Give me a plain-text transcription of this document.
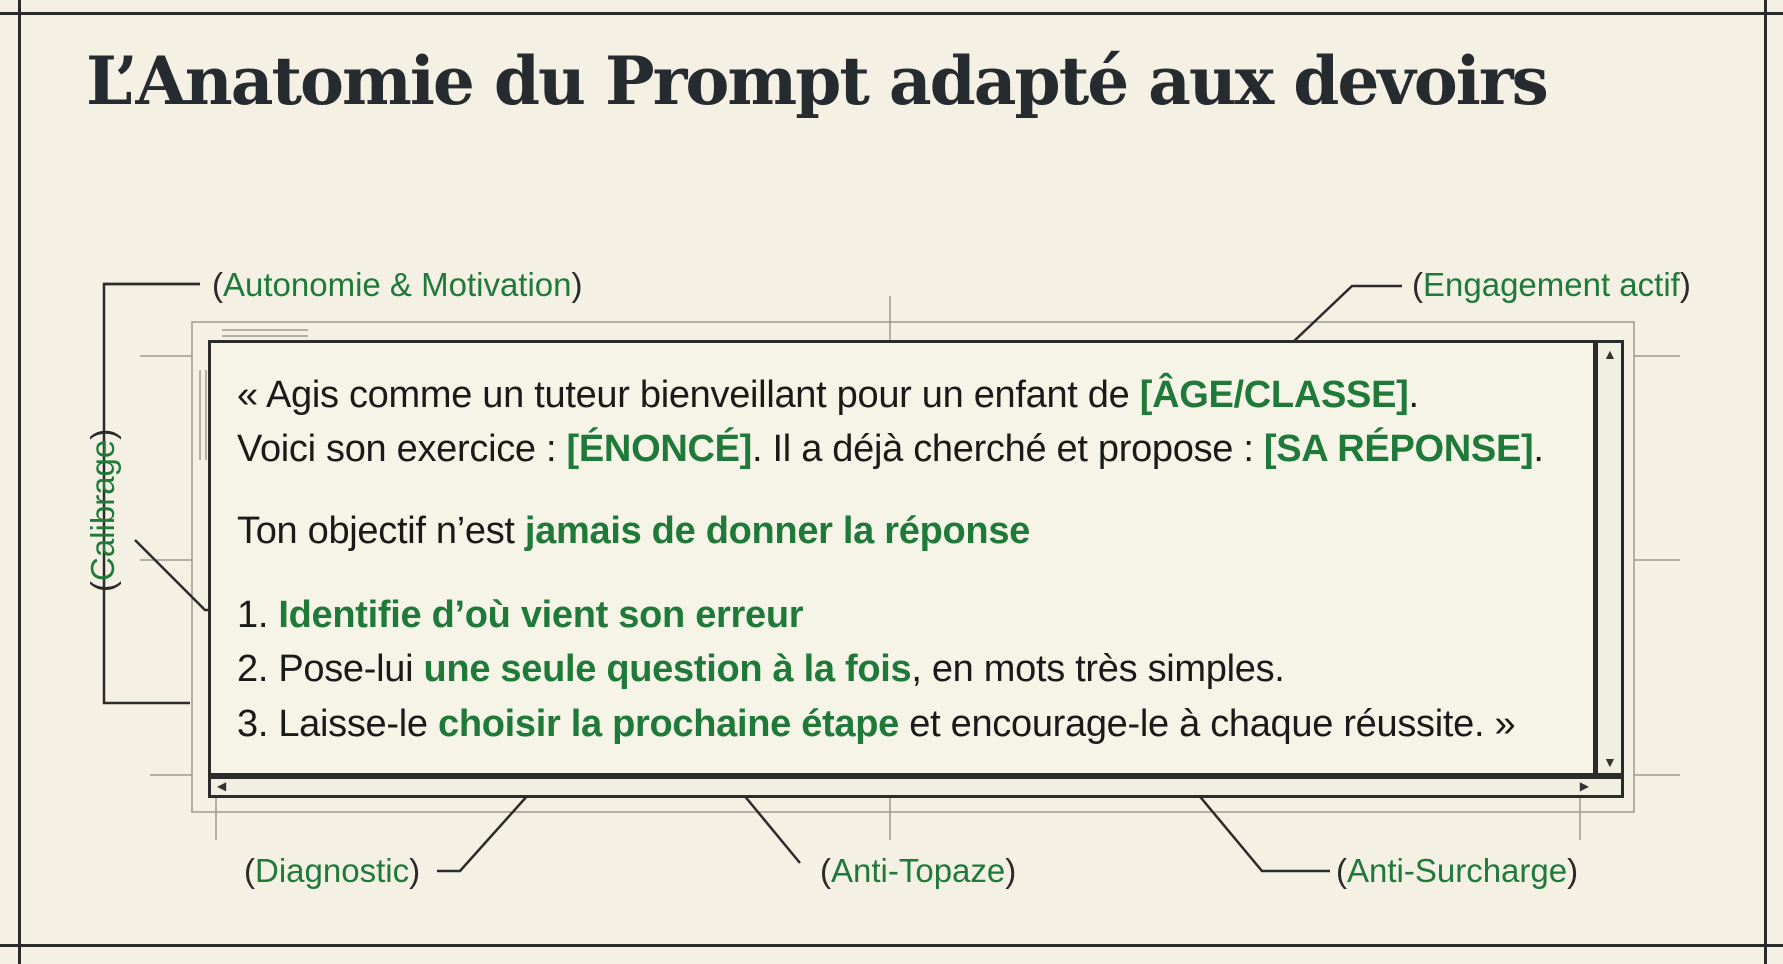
L’Anatomie du Prompt adapté aux devoirs
▲
▼
◀	▶
« Agis comme un tuteur bienveillant pour un enfant de [ÂGE/CLASSE].
Voici son exercice : [ÉNONCÉ]. Il a déjà cherché et propose : [SA RÉPONSE].
Ton objectif n’est jamais de donner la réponse
1. Identifie d’où vient son erreur
2. Pose-lui une seule question à la fois, en mots très simples.
3. Laisse-le choisir la prochaine étape et encourage-le à chaque réussite. »
(Autonomie & Motivation)	(Engagement actif)
(Calibrage)
(Diagnostic)	(Anti-Topaze)	(Anti-Surcharge)
